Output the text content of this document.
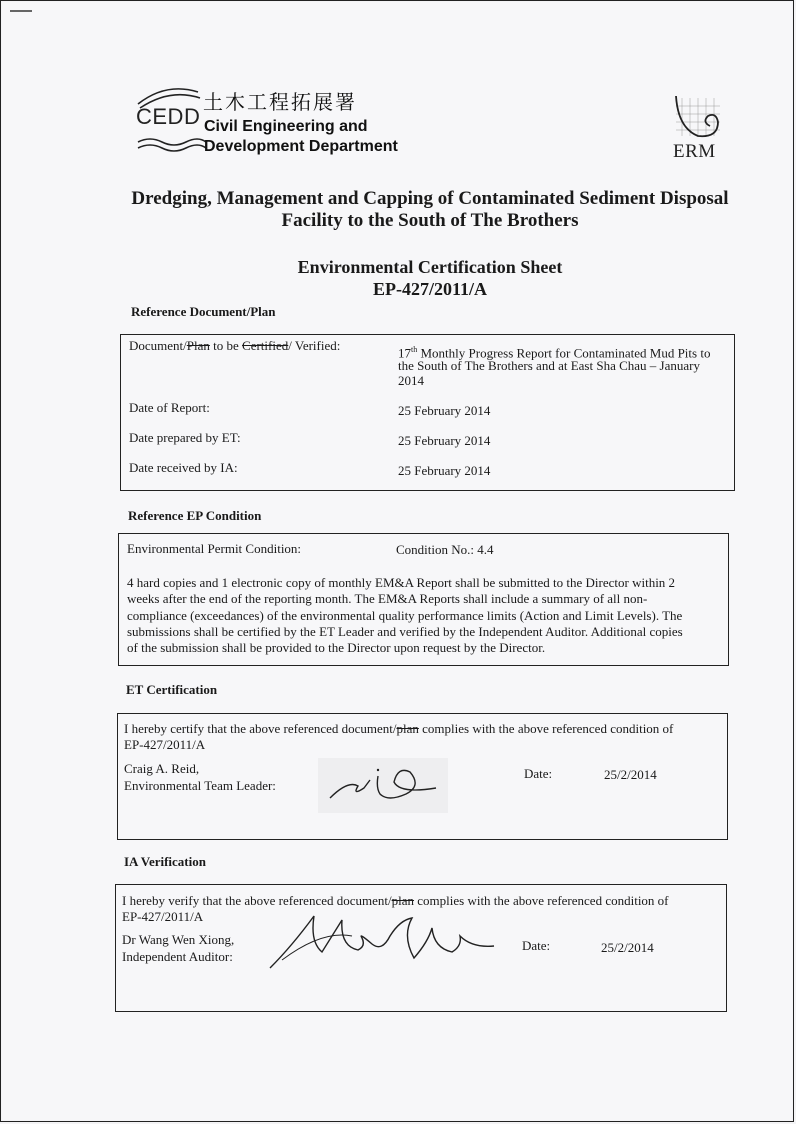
CEDD
土木工程拓展署
Civil Engineering and
Development Department	ERM
Dredging, Management and Capping of Contaminated Sediment Disposal
Facility to the South of The Brothers
Environmental Certification Sheet
EP-427/2011/A
Reference Document/Plan
Document/Plan to be Certified/ Verified:	17th Monthly Progress Report for Contaminated Mud Pits to
the South of The Brothers and at East Sha Chau – January
2014
Date of Report:	25 February 2014
Date prepared by ET:	25 February 2014
Date received by IA:	25 February 2014
Reference EP Condition
Environmental Permit Condition:	Condition No.: 4.4
4 hard copies and 1 electronic copy of monthly EM&A Report shall be submitted to the Director within 2
weeks after the end of the reporting month. The EM&A Reports shall include a summary of all non-
compliance (exceedances) of the environmental quality performance limits (Action and Limit Levels). The
submissions shall be certified by the ET Leader and verified by the Independent Auditor. Additional copies
of the submission shall be provided to the Director upon request by the Director.
ET Certification
I hereby certify that the above referenced document/plan complies with the above referenced condition of
EP-427/2011/A
Craig A. Reid,
Environmental Team Leader:
Date:	25/2/2014
IA Verification
I hereby verify that the above referenced document/plan complies with the above referenced condition of
EP-427/2011/A
Dr Wang Wen Xiong,
Independent Auditor:
Date:	25/2/2014
